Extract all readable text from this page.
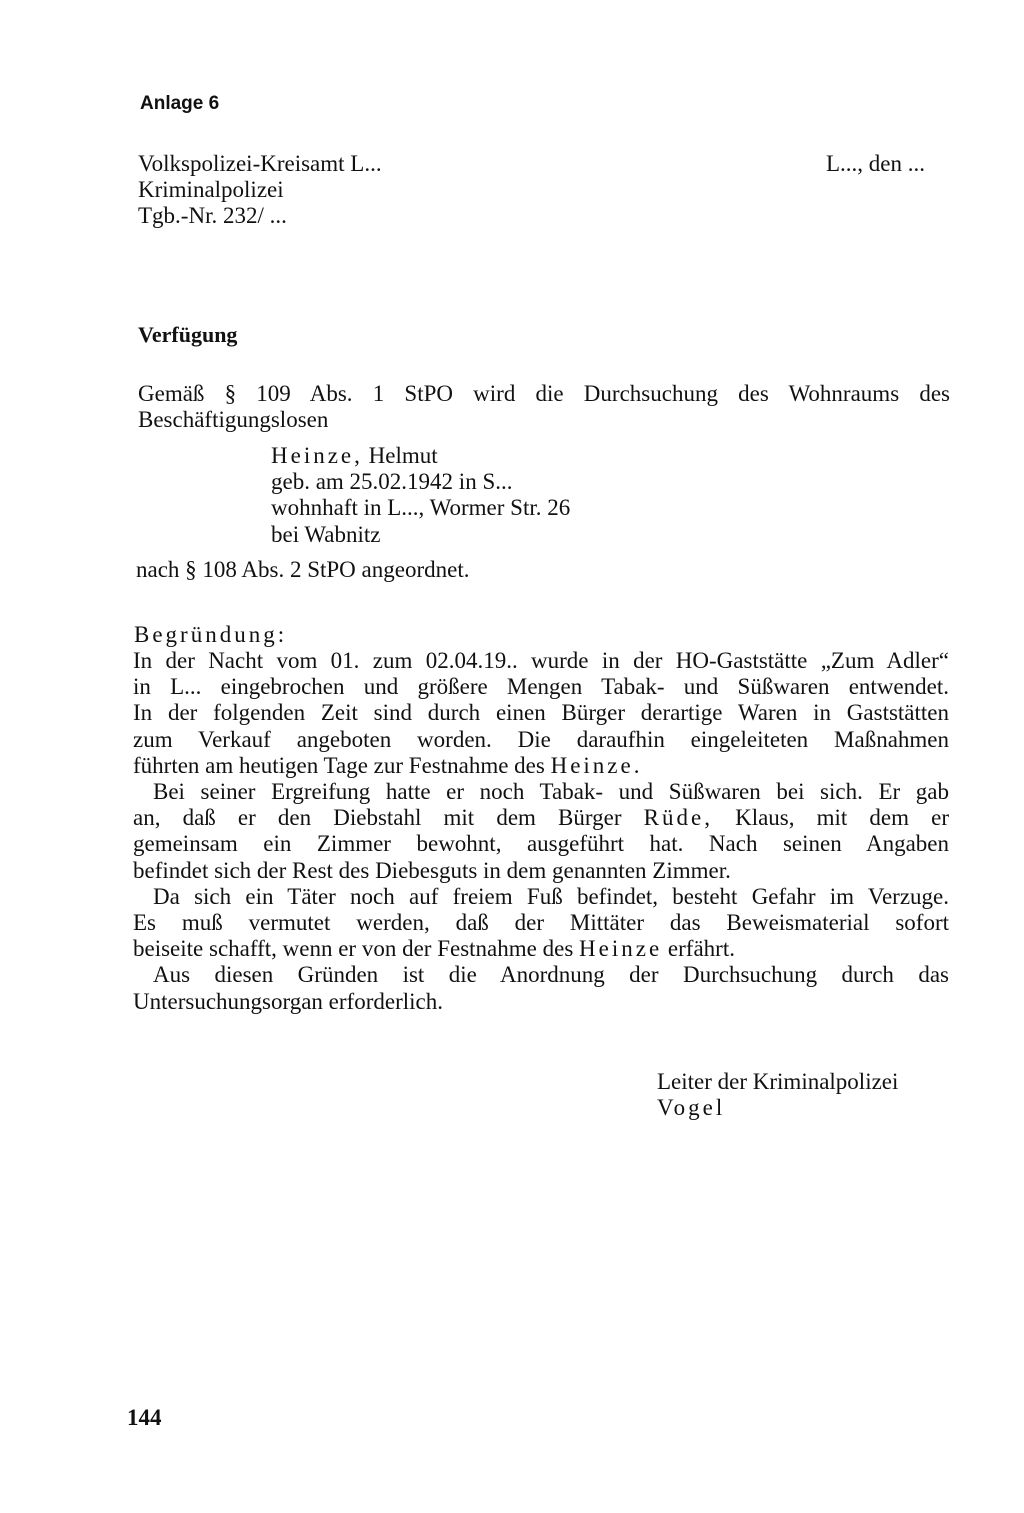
Anlage 6
Volkspolizei-Kreisamt L...
Kriminalpolizei
Tgb.-Nr. 232/ ...
L..., den ...
Verfügung
Gemäß § 109 Abs. 1 StPO wird die Durchsuchung des Wohnraums des
Beschäftigungslosen
Heinze, Helmut
geb. am 25.02.1942 in S...
wohnhaft in L..., Wormer Str. 26
bei Wabnitz
nach § 108 Abs. 2 StPO angeordnet.
Begründung:
In der Nacht vom 01. zum 02.04.19.. wurde in der HO-Gaststätte „Zum Adler“
in L... eingebrochen und größere Mengen Tabak- und Süßwaren entwendet.
In der folgenden Zeit sind durch einen Bürger derartige Waren in Gaststätten
zum Verkauf angeboten worden. Die daraufhin eingeleiteten Maßnahmen
führten am heutigen Tage zur Festnahme des Heinze.
Bei seiner Ergreifung hatte er noch Tabak- und Süßwaren bei sich. Er gab
an, daß er den Diebstahl mit dem Bürger Rüde, Klaus, mit dem er
gemeinsam ein Zimmer bewohnt, ausgeführt hat. Nach seinen Angaben
befindet sich der Rest des Diebesguts in dem genannten Zimmer.
Da sich ein Täter noch auf freiem Fuß befindet, besteht Gefahr im Verzuge.
Es muß vermutet werden, daß der Mittäter das Beweismaterial sofort
beiseite schafft, wenn er von der Festnahme des Heinze erfährt.
Aus diesen Gründen ist die Anordnung der Durchsuchung durch das
Untersuchungsorgan erforderlich.
Leiter der Kriminalpolizei
Vogel
144
